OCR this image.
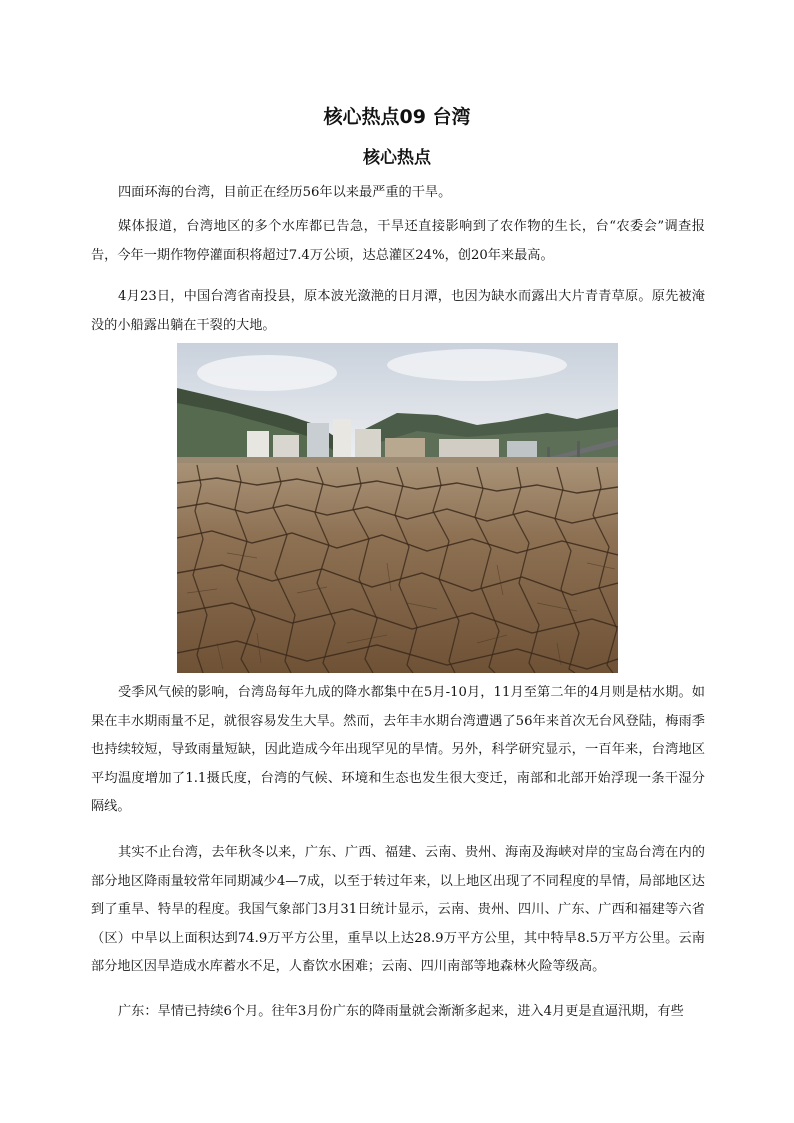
核心热点09 台湾
核心热点

四面环海的台湾，目前正在经历56年以来最严重的干旱。

媒体报道，台湾地区的多个水库都已告急，干旱还直接影响到了农作物的生长，台“农委会”调查报告，今年一期作物停灌面积将超过7.4万公顷，达总灌区24%，创20年来最高。

4月23日，中国台湾省南投县，原本波光潋滟的日月潭，也因为缺水而露出大片青青草原。原先被淹没的小船露出躺在干裂的大地。

受季风气候的影响，台湾岛每年九成的降水都集中在5月-10月，11月至第二年的4月则是枯水期。如果在丰水期雨量不足，就很容易发生大旱。然而，去年丰水期台湾遭遇了56年来首次无台风登陆，梅雨季也持续较短，导致雨量短缺，因此造成今年出现罕见的旱情。另外，科学研究显示，一百年来，台湾地区平均温度增加了1.1摄氏度，台湾的气候、环境和生态也发生很大变迁，南部和北部开始浮现一条干湿分隔线。

其实不止台湾，去年秋冬以来，广东、广西、福建、云南、贵州、海南及海峡对岸的宝岛台湾在内的部分地区降雨量较常年同期减少4—7成，以至于转过年来，以上地区出现了不同程度的旱情，局部地区达到了重旱、特旱的程度。我国气象部门3月31日统计显示，云南、贵州、四川、广东、广西和福建等六省（区）中旱以上面积达到74.9万平方公里，重旱以上达28.9万平方公里，其中特旱8.5万平方公里。云南部分地区因旱造成水库蓄水不足，人畜饮水困难；云南、四川南部等地森林火险等级高。

广东：旱情已持续6个月。往年3月份广东的降雨量就会渐渐多起来，进入4月更是直逼汛期，有些
